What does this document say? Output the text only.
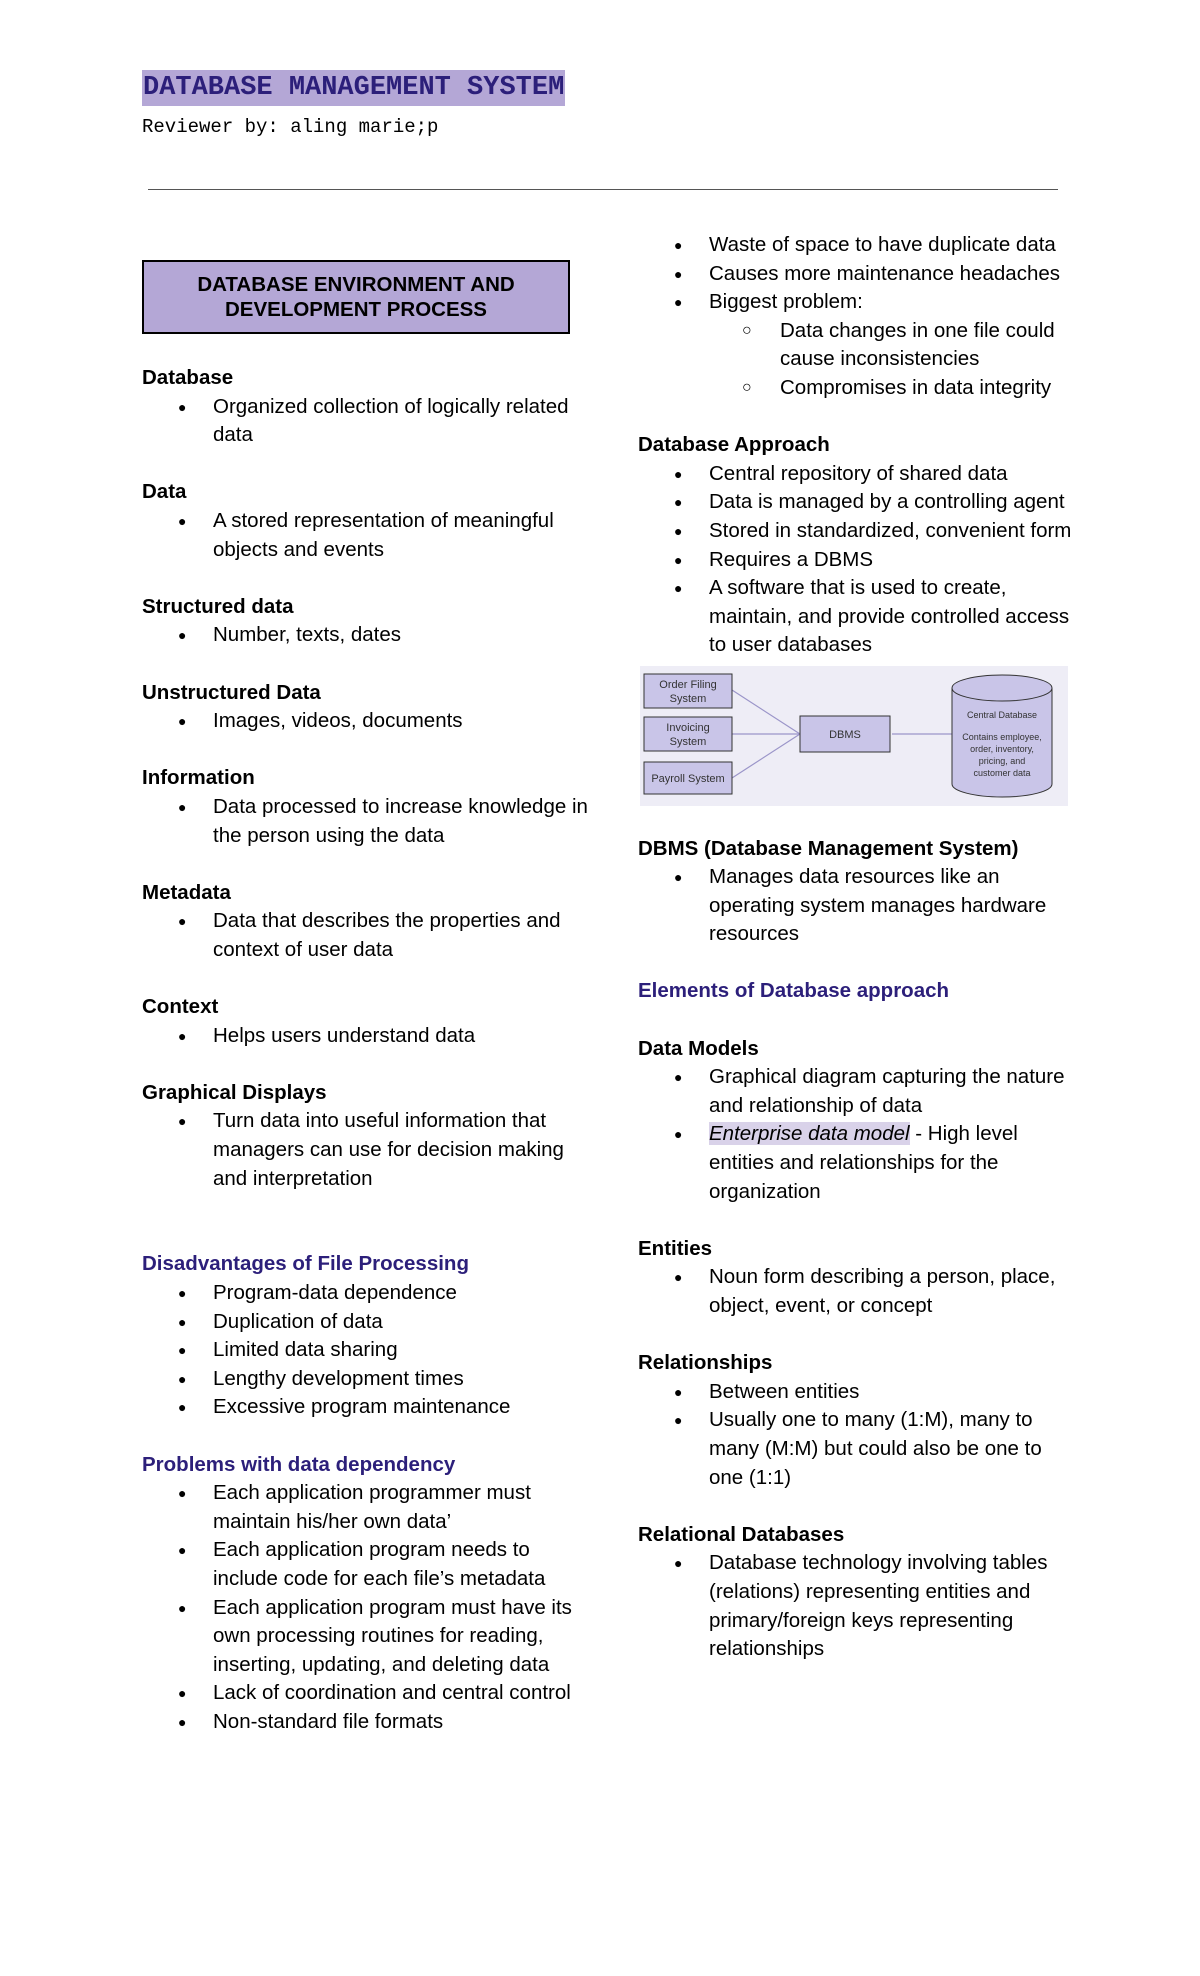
DATABASE MANAGEMENT SYSTEM
Reviewer by: aling marie;p
DATABASE ENVIRONMENT AND
DEVELOPMENT PROCESS

Database

● Organized collection of logically related data

Data

● A stored representation of meaningful objects and events

Structured data

● Number, texts, dates

Unstructured Data

● Images, videos, documents

Information

● Data processed to increase knowledge in the person using the data

Metadata

● Data that describes the properties and context of user data

Context

● Helps users understand data

Graphical Displays

● Turn data into useful information that managers can use for decision making and interpretation

Disadvantages of File Processing

● Program-data dependence
● Duplication of data
● Limited data sharing
● Lengthy development times
● Excessive program maintenance

Problems with data dependency

● Each application programmer must maintain his/her own data’
● Each application program needs to include code for each file’s metadata
● Each application program must have its own processing routines for reading, inserting, updating, and deleting data
● Lack of coordination and central control
● Non-standard file formats
● Waste of space to have duplicate data
● Causes more maintenance headaches
● Biggest problem:
○ Data changes in one file could cause inconsistencies
○ Compromises in data integrity

Database Approach

● Central repository of shared data
● Data is managed by a controlling agent
● Stored in standardized, convenient form
● Requires a DBMS
● A software that is used to create, maintain, and provide controlled access to user databases
Order Filing
System
Invoicing
System
Payroll System
DBMS
Central Database
Contains employee,
order, inventory,
pricing, and
customer data

DBMS (Database Management System)

● Manages data resources like an operating system manages hardware resources

Elements of Database approach

Data Models

● Graphical diagram capturing the nature and relationship of data
● Enterprise data model - High level entities and relationships for the organization

Entities

● Noun form describing a person, place, object, event, or concept

Relationships

● Between entities
● Usually one to many (1:M), many to many (M:M) but could also be one to one (1:1)

Relational Databases

● Database technology involving tables (relations) representing entities and primary/foreign keys representing relationships
